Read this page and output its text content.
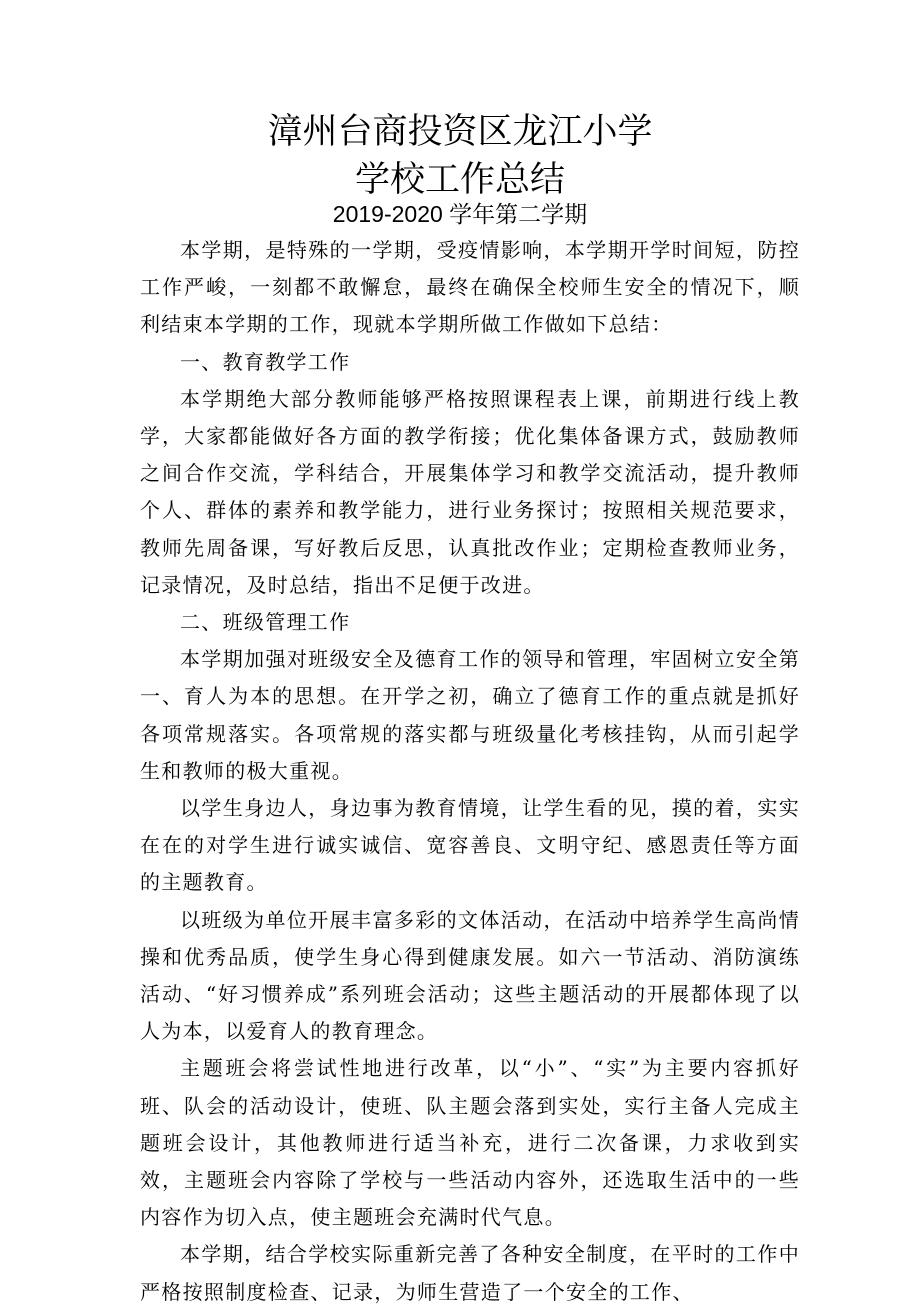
漳州台商投资区龙江小学
学校工作总结
2019-2020 学年第二学期

本学期，是特殊的一学期，受疫情影响，本学期开学时间短，防控工作严峻，一刻都不敢懈怠，最终在确保全校师生安全的情况下，顺利结束本学期的工作，现就本学期所做工作做如下总结：

一、教育教学工作

本学期绝大部分教师能够严格按照课程表上课，前期进行线上教学，大家都能做好各方面的教学衔接；优化集体备课方式，鼓励教师之间合作交流，学科结合，开展集体学习和教学交流活动，提升教师个人、群体的素养和教学能力，进行业务探讨；按照相关规范要求，教师先周备课，写好教后反思，认真批改作业；定期检查教师业务，记录情况，及时总结，指出不足便于改进。

二、班级管理工作

本学期加强对班级安全及德育工作的领导和管理，牢固树立安全第一、育人为本的思想。在开学之初，确立了德育工作的重点就是抓好各项常规落实。各项常规的落实都与班级量化考核挂钩，从而引起学生和教师的极大重视。

以学生身边人，身边事为教育情境，让学生看的见，摸的着，实实在在的对学生进行诚实诚信、宽容善良、文明守纪、感恩责任等方面的主题教育。

以班级为单位开展丰富多彩的文体活动，在活动中培养学生高尚情操和优秀品质，使学生身心得到健康发展。如六一节活动、消防演练活动、“好习惯养成”系列班会活动；这些主题活动的开展都体现了以人为本，以爱育人的教育理念。

主题班会将尝试性地进行改革，以“小”、“实”为主要内容抓好班、队会的活动设计，使班、队主题会落到实处，实行主备人完成主题班会设计，其他教师进行适当补充，进行二次备课，力求收到实效，主题班会内容除了学校与一些活动内容外，还选取生活中的一些内容作为切入点，使主题班会充满时代气息。

本学期，结合学校实际重新完善了各种安全制度，在平时的工作中严格按照制度检查、记录，为师生营造了一个安全的工作、
